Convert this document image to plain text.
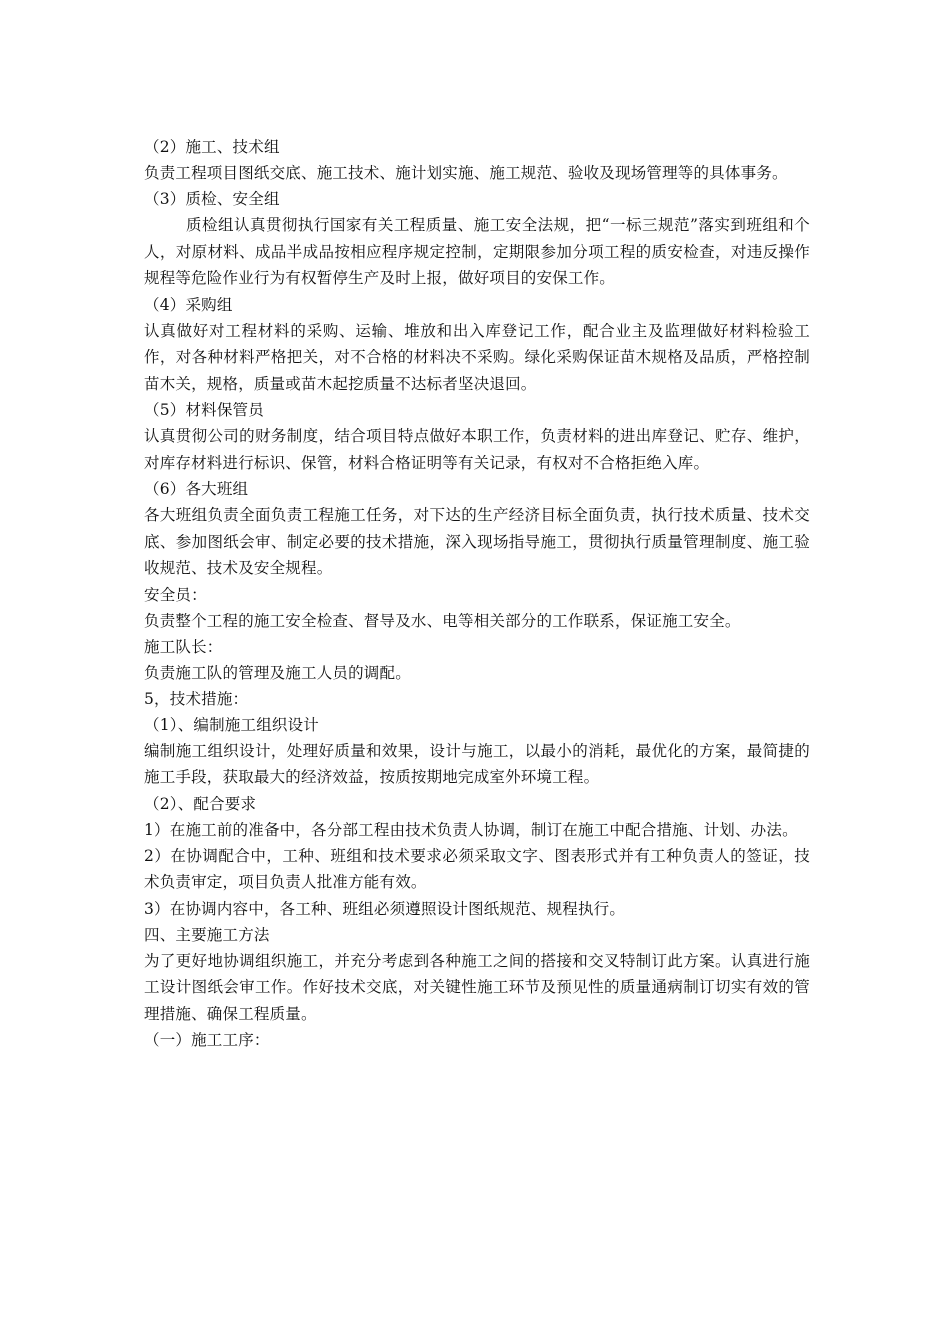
（2）施工、技术组
负责工程项目图纸交底、施工技术、施计划实施、施工规范、验收及现场管理等的具体事务。
（3）质检、安全组
质检组认真贯彻执行国家有关工程质量、施工安全法规，把“一标三规范”落实到班组和个人，对原材料、成品半成品按相应程序规定控制，定期限参加分项工程的质安检查，对违反操作规程等危险作业行为有权暂停生产及时上报，做好项目的安保工作。
（4）采购组
认真做好对工程材料的采购、运输、堆放和出入库登记工作，配合业主及监理做好材料检验工作，对各种材料严格把关，对不合格的材料决不采购。绿化采购保证苗木规格及品质，严格控制苗木关，规格，质量或苗木起挖质量不达标者坚决退回。
（5）材料保管员
认真贯彻公司的财务制度，结合项目特点做好本职工作，负责材料的进出库登记、贮存、维护，对库存材料进行标识、保管，材料合格证明等有关记录，有权对不合格拒绝入库。
（6）各大班组
各大班组负责全面负责工程施工任务，对下达的生产经济目标全面负责，执行技术质量、技术交底、参加图纸会审、制定必要的技术措施，深入现场指导施工，贯彻执行质量管理制度、施工验收规范、技术及安全规程。
安全员：
负责整个工程的施工安全检查、督导及水、电等相关部分的工作联系，保证施工安全。
施工队长：
负责施工队的管理及施工人员的调配。
5，技术措施：
（1）、编制施工组织设计
编制施工组织设计，处理好质量和效果，设计与施工，以最小的消耗，最优化的方案，最简捷的施工手段，获取最大的经济效益，按质按期地完成室外环境工程。
（2）、配合要求
1）在施工前的准备中，各分部工程由技术负责人协调，制订在施工中配合措施、计划、办法。
2）在协调配合中，工种、班组和技术要求必须采取文字、图表形式并有工种负责人的签证，技术负责审定，项目负责人批准方能有效。
3）在协调内容中，各工种、班组必须遵照设计图纸规范、规程执行。
四、主要施工方法
为了更好地协调组织施工，并充分考虑到各种施工之间的搭接和交叉特制订此方案。认真进行施工设计图纸会审工作。作好技术交底，对关键性施工环节及预见性的质量通病制订切实有效的管理措施、确保工程质量。
（一）施工工序：
